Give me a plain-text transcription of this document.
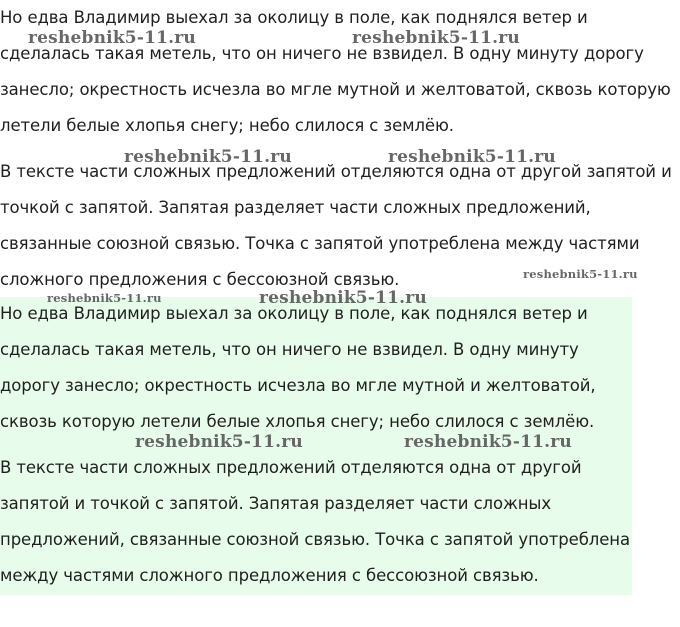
Но едва Владимир выехал за околицу в поле, как поднялся ветер и сделалась такая метель, что он ничего не взвидел. В одну минуту дорогу занесло; окрестность исчезла во мгле мутной и желтоватой, сквозь которую летели белые хлопья снегу; небо слилося с землёю.

В тексте части сложных предложений отделяются одна от другой запятой и точкой с запятой. Запятая разделяет части сложных предложений, связанные союзной связью. Точка с запятой употреблена между частями сложного предложения с бессоюзной связью.

Но едва Владимир выехал за околицу в поле, как поднялся ветер и сделалась такая метель, что он ничего не взвидел. В одну минуту дорогу занесло; окрестность исчезла во мгле мутной и желтоватой, сквозь которую летели белые хлопья снегу; небо слилося с землёю.

В тексте части сложных предложений отделяются одна от другой запятой и точкой с запятой. Запятая разделяет части сложных предложений, связанные союзной связью. Точка с запятой употреблена между частями сложного предложения с бессоюзной связью.

reshebnik5-11.ru	reshebnik5-11.ru
reshebnik5-11.ru	reshebnik5-11.ru
reshebnik5-11.ru
reshebnik5-11.ru	reshebnik5-11.ru
reshebnik5-11.ru	reshebnik5-11.ru
